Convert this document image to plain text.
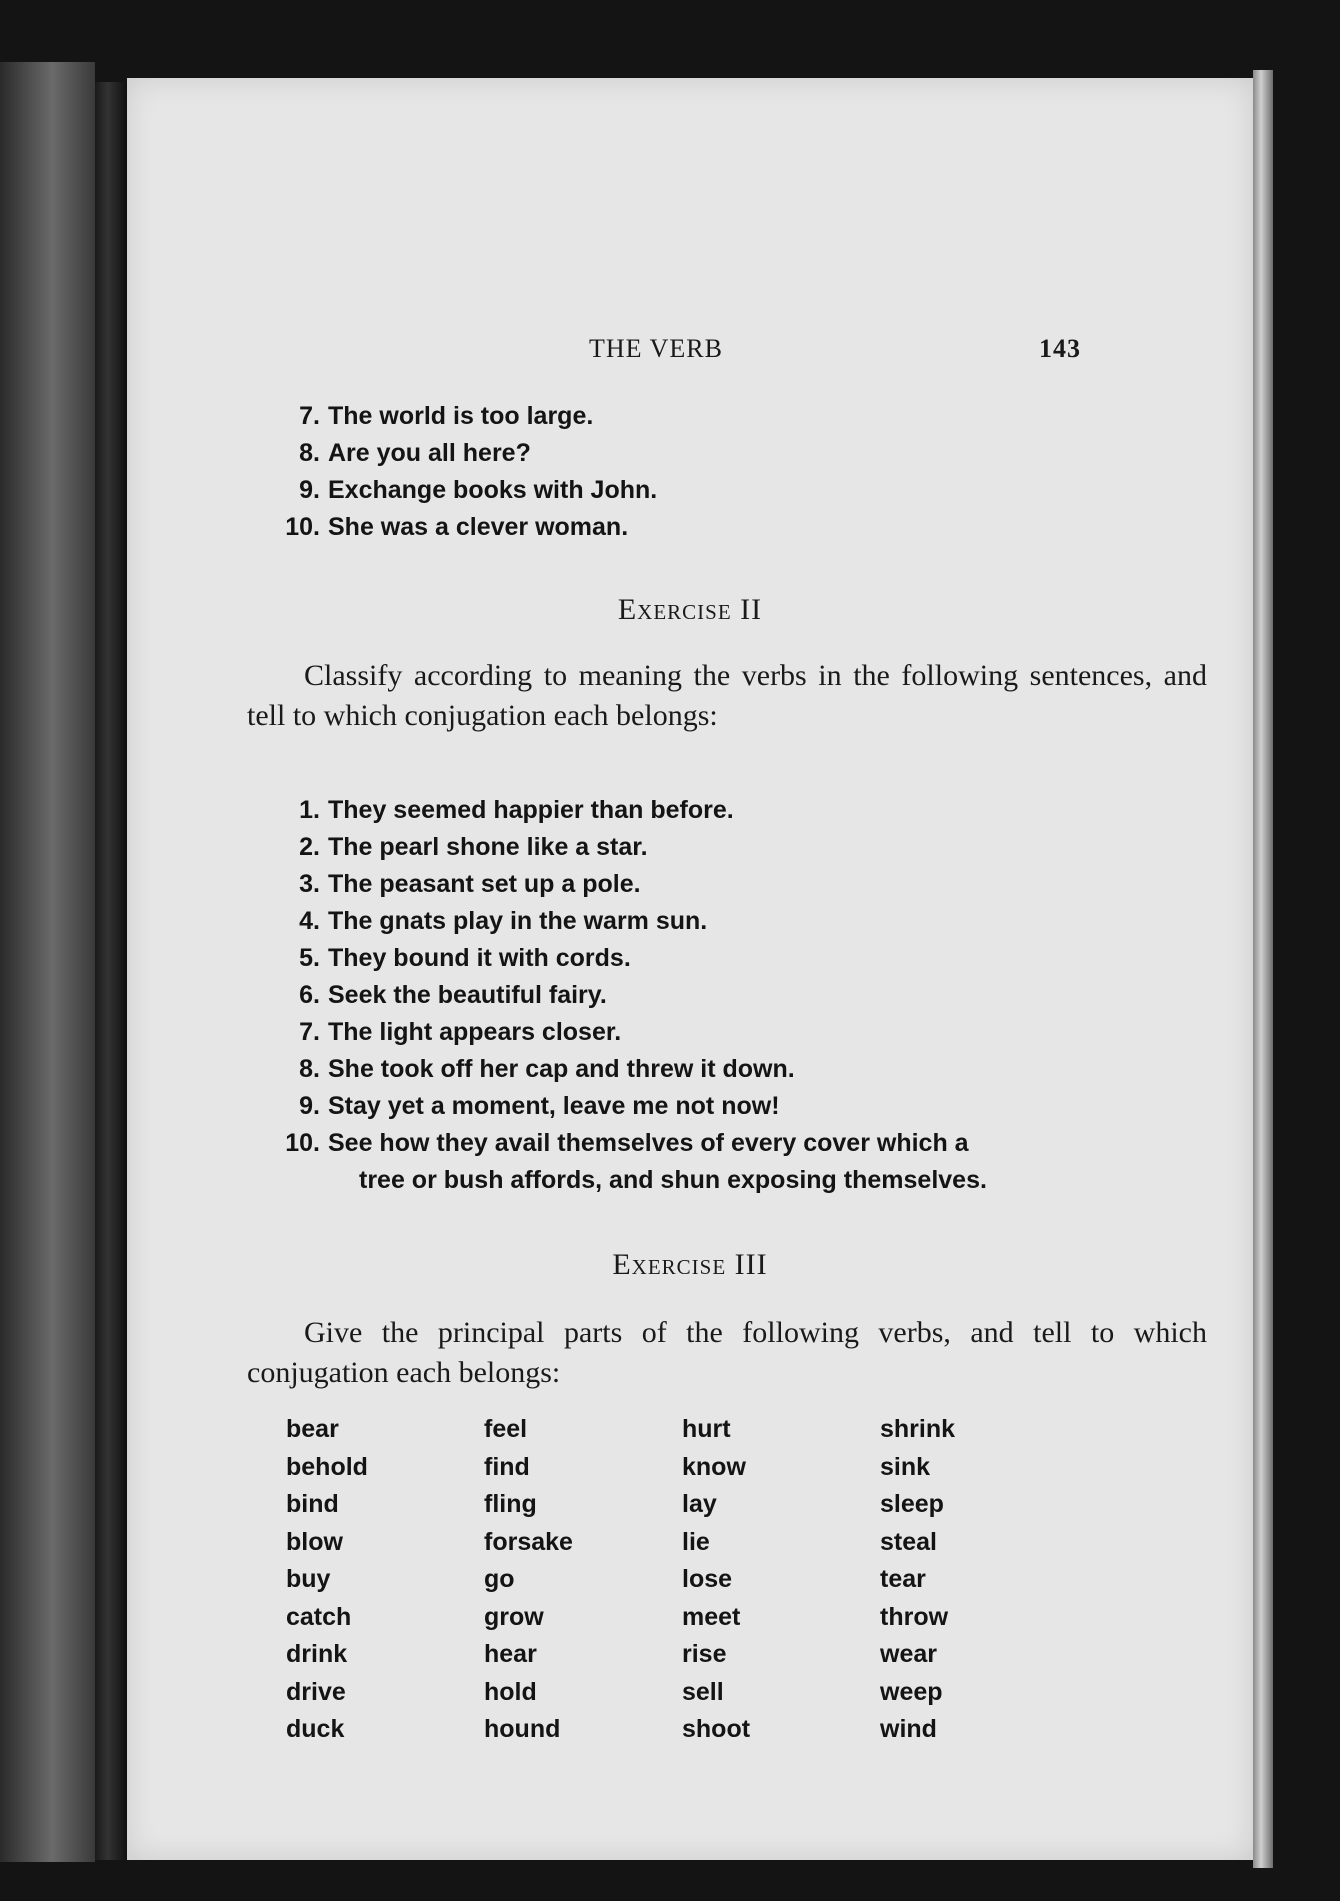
THE VERB	143
7. The world is too large.
8. Are you all here?
9. Exchange books with John.
10. She was a clever woman.
Exercise II
Classify according to meaning the verbs in the following sentences, and tell to which conjugation each belongs:
1. They seemed happier than before.
2. The pearl shone like a star.
3. The peasant set up a pole.
4. The gnats play in the warm sun.
5. They bound it with cords.
6. Seek the beautiful fairy.
7. The light appears closer.
8. She took off her cap and threw it down.
9. Stay yet a moment, leave me not now!
10. See how they avail themselves of every cover which a
tree or bush affords, and shun exposing themselves.
Exercise III
Give the principal parts of the following verbs, and tell to which conjugation each belongs:
bear
behold
bind
blow
buy
catch
drink
drive
duck
feel
find
fling
forsake
go
grow
hear
hold
hound
hurt
know
lay
lie
lose
meet
rise
sell
shoot
shrink
sink
sleep
steal
tear
throw
wear
weep
wind
